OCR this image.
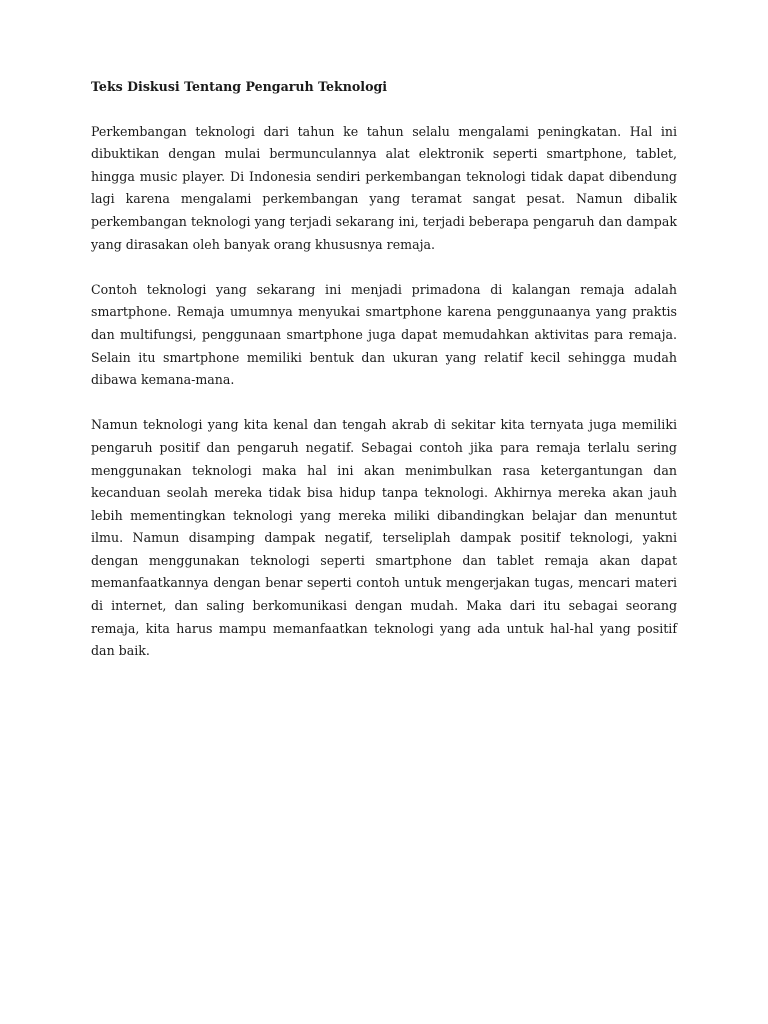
Teks Diskusi Tentang Pengaruh Teknologi

Perkembangan teknologi dari tahun ke tahun selalu mengalami peningkatan. Hal ini dibuktikan dengan mulai bermunculannya alat elektronik seperti smartphone, tablet, hingga music player. Di Indonesia sendiri perkembangan teknologi tidak dapat dibendung lagi karena mengalami perkembangan yang teramat sangat pesat. Namun dibalik perkembangan teknologi yang terjadi sekarang ini, terjadi beberapa pengaruh dan dampak yang dirasakan oleh banyak orang khususnya remaja.

Contoh teknologi yang sekarang ini menjadi primadona di kalangan remaja adalah smartphone. Remaja umumnya menyukai smartphone karena penggunaanya yang praktis dan multifungsi, penggunaan smartphone juga dapat memudahkan aktivitas para remaja. Selain itu smartphone memiliki bentuk dan ukuran yang relatif kecil sehingga mudah dibawa kemana-mana.

Namun teknologi yang kita kenal dan tengah akrab di sekitar kita ternyata juga memiliki pengaruh positif dan pengaruh negatif. Sebagai contoh jika para remaja terlalu sering menggunakan teknologi maka hal ini akan menimbulkan rasa ketergantungan dan kecanduan seolah mereka tidak bisa hidup tanpa teknologi. Akhirnya mereka akan jauh lebih mementingkan teknologi yang mereka miliki dibandingkan belajar dan menuntut ilmu. Namun disamping dampak negatif, terseliplah dampak positif teknologi, yakni dengan menggunakan teknologi seperti smartphone dan tablet remaja akan dapat memanfaatkannya dengan benar seperti contoh untuk mengerjakan tugas, mencari materi di internet, dan saling berkomunikasi dengan mudah. Maka dari itu sebagai seorang remaja, kita harus mampu memanfaatkan teknologi yang ada untuk hal-hal yang positif dan baik.
